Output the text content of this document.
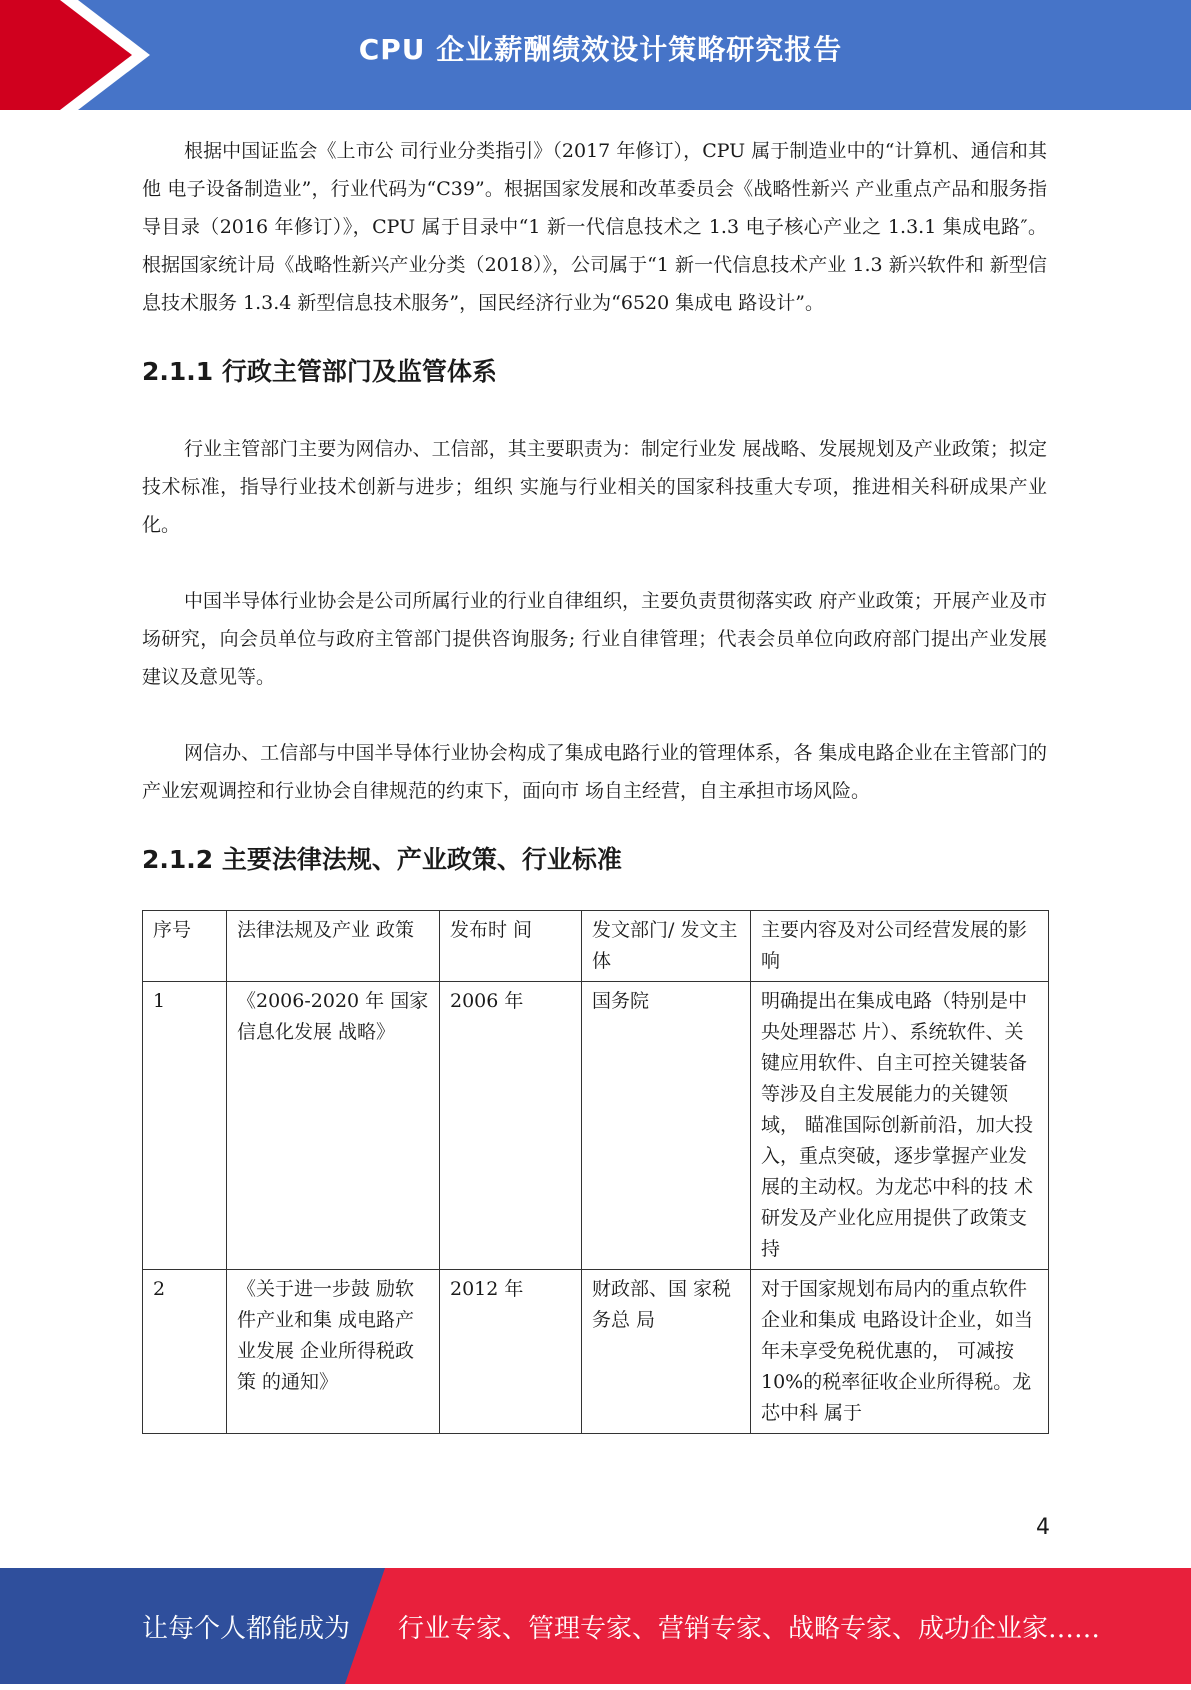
CPU 企业薪酬绩效设计策略研究报告

根据中国证监会《上市公 司行业分类指引》（2017 年修订），CPU 属于制造业中的“计算机、通信和其他 电子设备制造业”，行业代码为“C39”。根据国家发展和改革委员会《战略性新兴 产业重点产品和服务指导目录（2016 年修订）》，CPU 属于目录中“1 新一代信息技术之 1.3 电子核心产业之 1.3.1 集成电路″。根据国家统计局《战略性新兴产业分类（2018）》，公司属于“1 新一代信息技术产业 1.3 新兴软件和 新型信息技术服务 1.3.4 新型信息技术服务”，国民经济行业为“6520 集成电 路设计”。

2.1.1 行政主管部门及监管体系

行业主管部门主要为网信办、工信部，其主要职责为：制定行业发 展战略、发展规划及产业政策；拟定技术标准，指导行业技术创新与进步；组织 实施与行业相关的国家科技重大专项，推进相关科研成果产业化。

中国半导体行业协会是公司所属行业的行业自律组织，主要负责贯彻落实政 府产业政策；开展产业及市场研究，向会员单位与政府主管部门提供咨询服务; 行业自律管理；代表会员单位向政府部门提出产业发展建议及意见等。

网信办、工信部与中国半导体行业协会构成了集成电路行业的管理体系，各 集成电路企业在主管部门的产业宏观调控和行业协会自律规范的约束下，面向市 场自主经营，自主承担市场风险。

2.1.2 主要法律法规、产业政策、行业标准
序号	法律法规及产业 政策	发布时 间	发文部门/ 发文主体	主要内容及对公司经营发展的影响
1	《2006-2020 年 国家信息化发展 战略》	2006 年	国务院	明确提出在集成电路（特别是中央处理器芯 片）、系统软件、关键应用软件、自主可控关键装备等涉及自主发展能力的关键领域， 瞄准国际创新前沿，加大投入，重点突破，逐步掌握产业发展的主动权。为龙芯中科的技 术研发及产业化应用提供了政策支持
2	《关于进一步鼓 励软件产业和集 成电路产业发展 企业所得税政策 的通知》	2012 年	财政部、国 家税务总 局	对于国家规划布局内的重点软件企业和集成 电路设计企业，如当年未享受免税优惠的， 可减按10%的税率征收企业所得税。龙芯中科 属于
4
让每个人都能成为 行业专家、管理专家、营销专家、战略专家、成功企业家……
